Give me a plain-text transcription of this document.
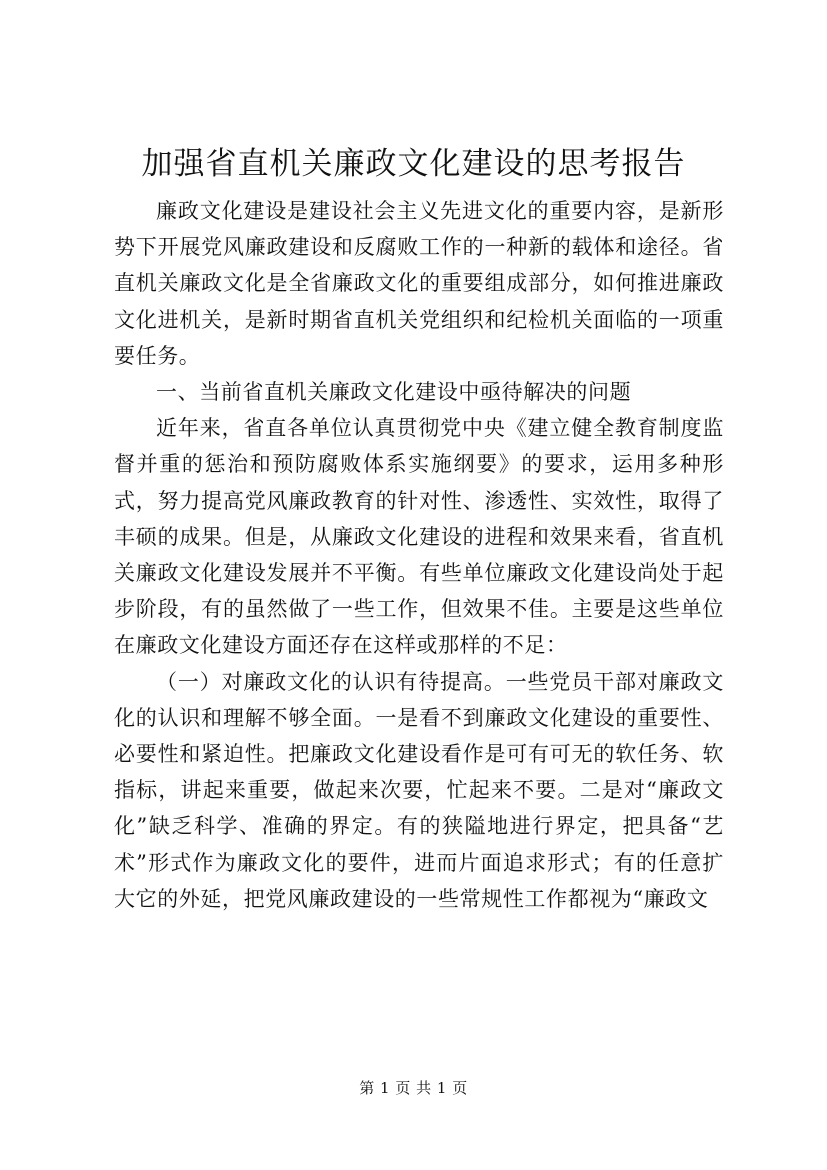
加强省直机关廉政文化建设的思考报告

廉政文化建设是建设社会主义先进文化的重要内容，是新形势下开展党风廉政建设和反腐败工作的一种新的载体和途径。省直机关廉政文化是全省廉政文化的重要组成部分，如何推进廉政文化进机关，是新时期省直机关党组织和纪检机关面临的一项重要任务。

一、当前省直机关廉政文化建设中亟待解决的问题

近年来，省直各单位认真贯彻党中央《建立健全教育制度监督并重的惩治和预防腐败体系实施纲要》的要求，运用多种形式，努力提高党风廉政教育的针对性、渗透性、实效性，取得了丰硕的成果。但是，从廉政文化建设的进程和效果来看，省直机关廉政文化建设发展并不平衡。有些单位廉政文化建设尚处于起步阶段，有的虽然做了一些工作，但效果不佳。主要是这些单位在廉政文化建设方面还存在这样或那样的不足：

（一）对廉政文化的认识有待提高。一些党员干部对廉政文化的认识和理解不够全面。一是看不到廉政文化建设的重要性、必要性和紧迫性。把廉政文化建设看作是可有可无的软任务、软指标，讲起来重要，做起来次要，忙起来不要。二是对“廉政文化”缺乏科学、准确的界定。有的狭隘地进行界定，把具备“艺术”形式作为廉政文化的要件，进而片面追求形式；有的任意扩大它的外延，把党风廉政建设的一些常规性工作都视为“廉政文

第 1 页 共 1 页
